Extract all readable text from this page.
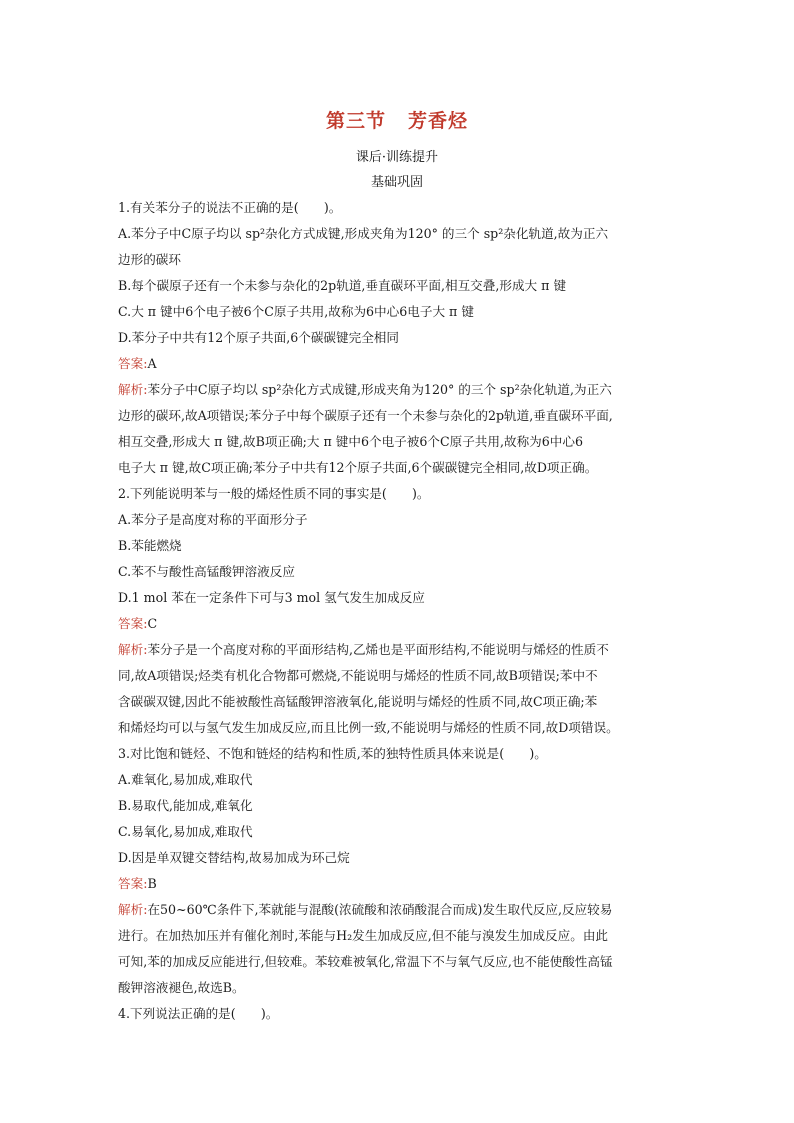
第三节 芳香烃
课后·训练提升
基础巩固
1.有关苯分子的说法不正确的是(　　)。
A.苯分子中C原子均以 sp²杂化方式成键,形成夹角为120° 的三个 sp²杂化轨道,故为正六
边形的碳环
B.每个碳原子还有一个未参与杂化的2p轨道,垂直碳环平面,相互交叠,形成大 π 键
C.大 π 键中6个电子被6个C原子共用,故称为6中心6电子大 π 键
D.苯分子中共有12个原子共面,6个碳碳键完全相同
答案:A
解析:苯分子中C原子均以 sp²杂化方式成键,形成夹角为120° 的三个 sp²杂化轨道,为正六
边形的碳环,故A项错误;苯分子中每个碳原子还有一个未参与杂化的2p轨道,垂直碳环平面,
相互交叠,形成大 π 键,故B项正确;大 π 键中6个电子被6个C原子共用,故称为6中心6
电子大 π 键,故C项正确;苯分子中共有12个原子共面,6个碳碳键完全相同,故D项正确。
2.下列能说明苯与一般的烯烃性质不同的事实是(　　)。
A.苯分子是高度对称的平面形分子
B.苯能燃烧
C.苯不与酸性高锰酸钾溶液反应
D.1 mol 苯在一定条件下可与3 mol 氢气发生加成反应
答案:C
解析:苯分子是一个高度对称的平面形结构,乙烯也是平面形结构,不能说明与烯烃的性质不
同,故A项错误;烃类有机化合物都可燃烧,不能说明与烯烃的性质不同,故B项错误;苯中不
含碳碳双键,因此不能被酸性高锰酸钾溶液氧化,能说明与烯烃的性质不同,故C项正确;苯
和烯烃均可以与氢气发生加成反应,而且比例一致,不能说明与烯烃的性质不同,故D项错误。
3.对比饱和链烃、不饱和链烃的结构和性质,苯的独特性质具体来说是(　　)。
A.难氧化,易加成,难取代
B.易取代,能加成,难氧化
C.易氧化,易加成,难取代
D.因是单双键交替结构,故易加成为环己烷
答案:B
解析:在50~60℃条件下,苯就能与混酸(浓硫酸和浓硝酸混合而成)发生取代反应,反应较易
进行。在加热加压并有催化剂时,苯能与H₂发生加成反应,但不能与溴发生加成反应。由此
可知,苯的加成反应能进行,但较难。苯较难被氧化,常温下不与氧气反应,也不能使酸性高锰
酸钾溶液褪色,故选B。
4.下列说法正确的是(　　)。
